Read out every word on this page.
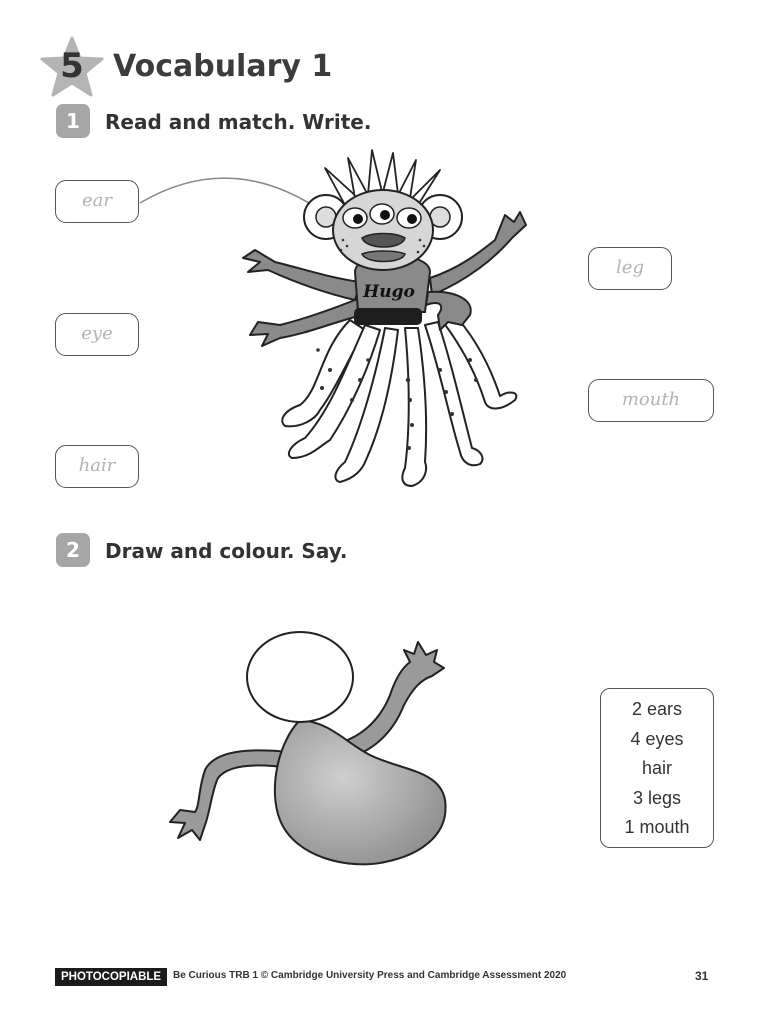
5 Vocabulary 1
1	Read and match. Write.
ear
eye
hair
leg
mouth
Hugo
2	Draw and colour. Say.
2 ears
4 eyes
hair
3 legs
1 mouth
PHOTOCOPIABLE	Be Curious TRB 1 © Cambridge University Press and Cambridge Assessment 2020	31
